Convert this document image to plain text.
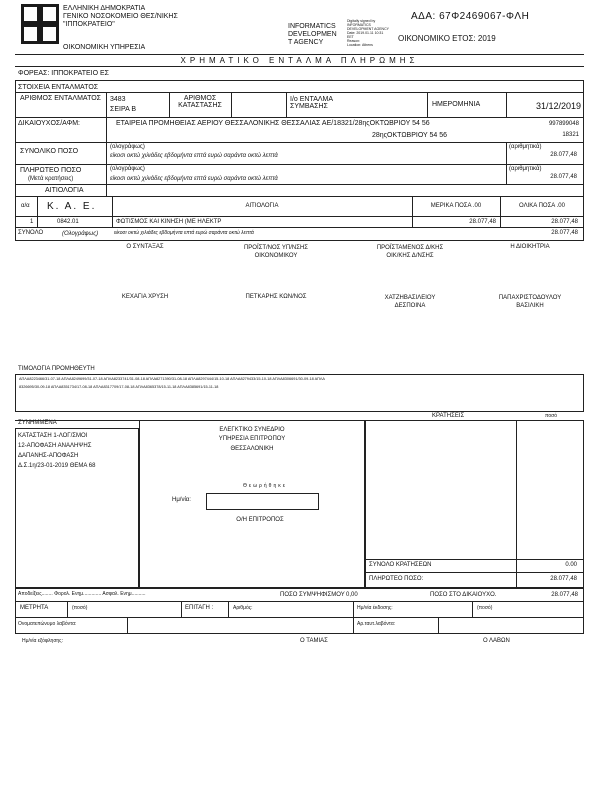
ΕΛΛΗΝΙΚΗ ΔΗΜΟΚΡΑΤΙΑ
ΓΕΝΙΚΟ ΝΟΣΟΚΟΜΕΙΟ ΘΕΣ/ΝΙΚΗΣ
"ΙΠΠΟΚΡΑΤΕΙΟ"
ΟΙΚΟΝΟΜΙΚΗ ΥΠΗΡΕΣΙΑ
INFORMATICS
DEVELOPMEN
T AGENCY
Digitally signed by
INFORMATICS
DEVELOPMENT AGENCY
Date: 2019.01.11 10:31
EET
Reason:
Location: Athens
ΑΔΑ: 67Φ2469067-ΦΛΗ
ΟΙΚΟΝΟΜΙΚΟ ΕΤΟΣ: 2019
ΧΡΗΜΑΤΙΚΟ ΕΝΤΑΛΜΑ ΠΛΗΡΩΜΗΣ
ΦΟΡΕΑΣ: ΙΠΠΟΚΡΑΤΕΙΟ ΕΣ
ΣΤΟΙΧΕΙΑ ΕΝΤΑΛΜΑΤΟΣ
ΑΡΙΘΜΟΣ ΕΝΤΑΛΜΑΤΟΣ 3483
ΣΕΙΡΑ Β
ΑΡΙΘΜΟΣ ΚΑΤΑΣΤΑΣΗΣ
Ι/ο ΕΝΤΑΛΜΑ ΣΥΜΒΑΣΗΣ	ΗΜΕΡΟΜΗΝΙΑ	31/12/2019
ΔΙΚΑΙΟΥΧΟΣ/ΑΦΜ:	ΕΤΑΙΡΕΙΑ ΠΡΟΜΗΘΕΙΑΣ ΑΕΡΙΟΥ ΘΕΣΣΑΛΟΝΙΚΗΣ ΘΕΣΣΑΛΙΑΣ ΑΕ/18321/28ηςΟΚΤΩΒΡΙΟΥ 54 56
28ηςΟΚΤΩΒΡΙΟΥ 54 56
997899048
18321
ΣΥΝΟΛΙΚΟ ΠΟΣΟ
(ολογράφως)
είκοσι οκτώ χιλιάδες εβδομήντα επτά ευρώ σαράντα οκτώ λεπτά
(αριθμητικά)
28.077,48
ΠΛΗΡΩΤΕΟ ΠΟΣΟ
(Μετά κρατήσεις)
(ολογράφως)
είκοσι οκτώ χιλιάδες εβδομήντα επτά ευρώ σαράντα οκτώ λεπτά
(αριθμητικά)
28.077,48
ΑΙΤΙΟΛΟΓΙΑ
α/α Κ. Α. Ε.	ΑΙΤΙΟΛΟΓΙΑ	ΜΕΡΙΚΑ ΠΟΣΑ .00	ΟΛΙΚΑ ΠΟΣΑ .00
1	0842.01	ΦΩΤΙΣΜΟΣ ΚΑΙ ΚΙΝΗΣΗ (ΜΕ ΗΛΕΚΤΡ	28.077,48	28.077,48
ΣΥΝΟΛΟ	(Ολογράφως)	είκοσι οκτώ χιλιάδες εβδομήντα επτά ευρώ σαράντα οκτώ λεπτά	28.077,48
Ο ΣΥΝΤΑΞΑΣ	ΠΡΟΪΣΤ/ΝΟΣ ΥΠ/ΝΣΗΣ ΟΙΚΟΝΟΜΙΚΟΥ
ΠΡΟΪΣΤΑΜΕΝΟΣ Δ/ΚΗΣ ΟΙΚ/ΚΗΣ Δ/ΝΣΗΣ
Η ΔΙΟΙΚΗΤΡΙΑ
ΚΕΧΑΓΙΑ ΧΡΥΣΗ	ΠΕΤΚΑΡΗΣ ΚΩΝ/ΝΟΣ	ΧΑΤΖΗΒΑΣΙΛΕΙΟΥ ΔΕΣΠΟΙΝΑ
ΠΑΠΑΧΡΙΣΤΟΔΟΥΛΟΥ ΒΑΣΙΛΙΚΗ
ΤΙΜΟΛΟΓΙΑ ΠΡΟΜΗΘΕΥΤΗ
ΑΠΛΑ8223466/31-07-18 ΑΠΛΑ8249699/31-07-18 ΑΠΛΑ8233741/31-08-18 ΑΠΛΑ8271390/31-08-18 ΑΠΛΑ8297444/15-10-18 ΑΠΛΑ8279433/15-10-18 ΑΠΛΑ8306691/30-09-18 ΑΠΛΑ
8326695/30-09-18 ΑΠΛΑ8351734/17-08-18 ΑΠΛΑ8317709/17-08-18 ΑΠΛΑ8365378/15-11-18 ΑΠΛΑ8385691/15-11-18
ΣΥΝΗΜΜΕΝΑ
ΚΡΑΤΗΣΕΙΣ	ποσό
ΚΑΤΑΣΤΑΣΗ 1-ΛΟΓ/ΣΜΟΙ
12-ΑΠΟΦΑΣΗ ΑΝΑΛΗΨΗΣ
ΔΑΠΑΝΗΣ-ΑΠΟΦΑΣΗ
Δ.Σ.1η/23-01-2019 ΘΕΜΑ 68
ΕΛΕΓΚΤΙΚΟ ΣΥΝΕΔΡΙΟ
ΥΠΗΡΕΣΙΑ ΕΠΙΤΡΟΠΟΥ
ΘΕΣΣΑΛΟΝΙΚΗ
Θεωρήθηκε
Ημ/νία:
Ο/Η ΕΠΙΤΡΟΠΟΣ
ΣΥΝΟΛΟ ΚΡΑΤΗΣΕΩΝ	0.00
ΠΛΗΡΩΤΕΟ ΠΟΣΟ:	28.077,48
Αποδείξεις........ Φορολ. Ενημ............. Ασφαλ. Ενημ..........	ΠΟΣΟ ΣΥΜΨΗΦΙΣΜΟΥ 0,00	ΠΟΣΟ ΣΤΟ ΔΙΚΑΙΟΥΧΟ.	28.077,48
ΜΕΤΡΗΤΑ	(ποσό)	ΕΠΙΤΑΓΗ :	Αριθμός:	Ημ/νία έκδοσης:	(ποσό)
Ονοματεπώνυμο λαβόντα:	Αρ.ταυτ.λαβόντα:
Ημ/νία εξόφλησης:	Ο ΤΑΜΙΑΣ	Ο ΛΑΒΩΝ
